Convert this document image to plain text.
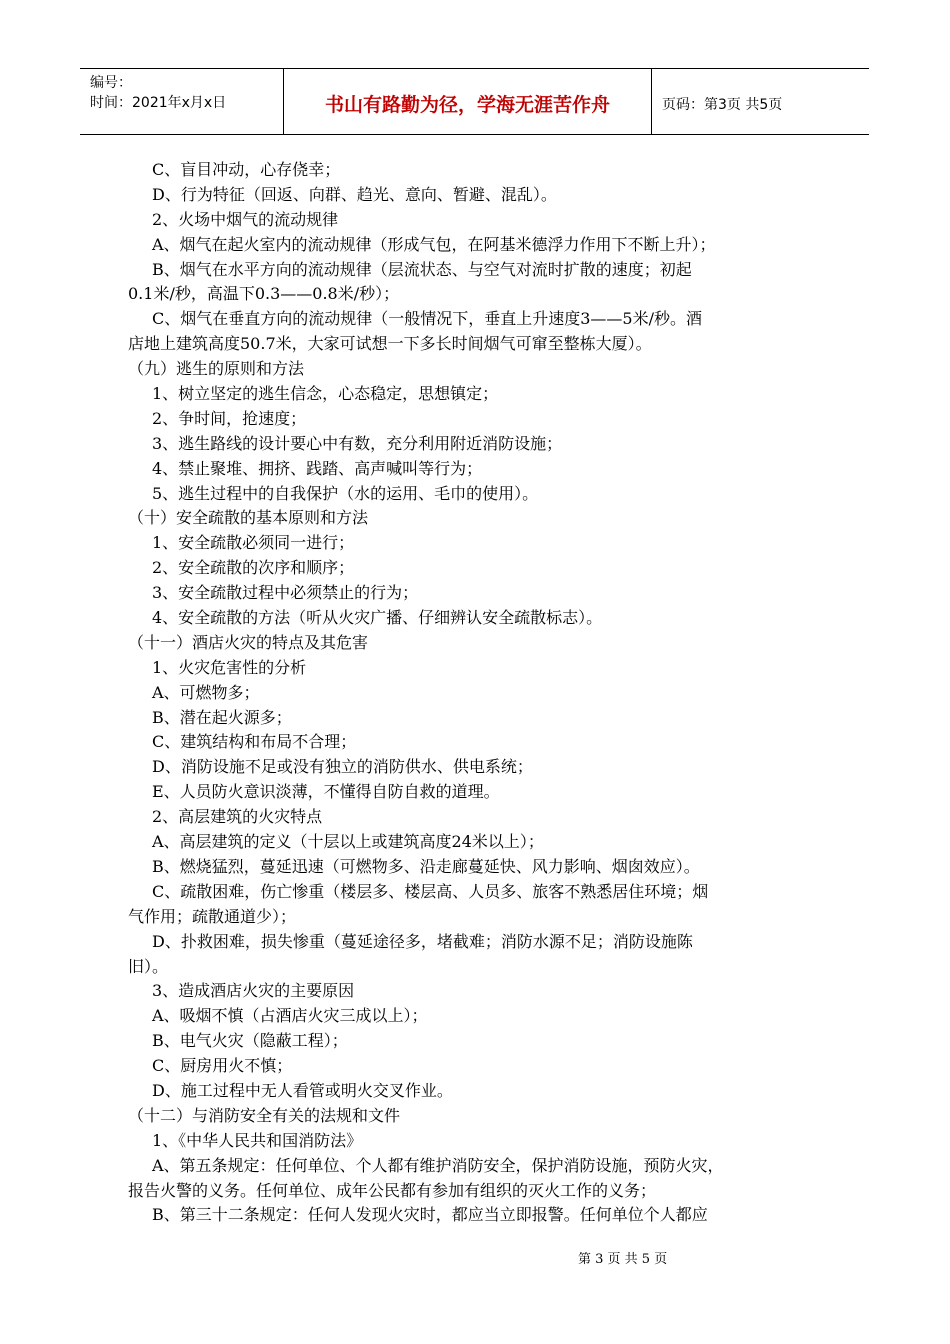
编号：
时间：2021年x月x日	书山有路勤为径，学海无涯苦作舟	页码：第3页 共5页
C、盲目冲动，心存侥幸；
D、行为特征（回返、向群、趋光、意向、暂避、混乱）。
2、火场中烟气的流动规律
A、烟气在起火室内的流动规律（形成气包，在阿基米德浮力作用下不断上升）；
B、烟气在水平方向的流动规律（层流状态、与空气对流时扩散的速度；初起
0.1米/秒，高温下0.3——0.8米/秒）；
C、烟气在垂直方向的流动规律（一般情况下，垂直上升速度3——5米/秒。酒
店地上建筑高度50.7米，大家可试想一下多长时间烟气可窜至整栋大厦）。
（九）逃生的原则和方法
1、树立坚定的逃生信念，心态稳定，思想镇定；
2、争时间，抢速度；
3、逃生路线的设计要心中有数，充分利用附近消防设施；
4、禁止聚堆、拥挤、践踏、高声喊叫等行为；
5、逃生过程中的自我保护（水的运用、毛巾的使用）。
（十）安全疏散的基本原则和方法
1、安全疏散必须同一进行；
2、安全疏散的次序和顺序；
3、安全疏散过程中必须禁止的行为；
4、安全疏散的方法（听从火灾广播、仔细辨认安全疏散标志）。
（十一）酒店火灾的特点及其危害
1、火灾危害性的分析
A、可燃物多；
B、潜在起火源多；
C、建筑结构和布局不合理；
D、消防设施不足或没有独立的消防供水、供电系统；
E、人员防火意识淡薄，不懂得自防自救的道理。
2、高层建筑的火灾特点
A、高层建筑的定义（十层以上或建筑高度24米以上）；
B、燃烧猛烈，蔓延迅速（可燃物多、沿走廊蔓延快、风力影响、烟囱效应）。
C、疏散困难，伤亡惨重（楼层多、楼层高、人员多、旅客不熟悉居住环境；烟
气作用；疏散通道少）；
D、扑救困难，损失惨重（蔓延途径多，堵截难；消防水源不足；消防设施陈
旧）。
3、造成酒店火灾的主要原因
A、吸烟不慎（占酒店火灾三成以上）；
B、电气火灾（隐蔽工程）；
C、厨房用火不慎；
D、施工过程中无人看管或明火交叉作业。
（十二）与消防安全有关的法规和文件
1、《中华人民共和国消防法》
A、第五条规定：任何单位、个人都有维护消防安全，保护消防设施，预防火灾，
报告火警的义务。任何单位、成年公民都有参加有组织的灭火工作的义务；
B、第三十二条规定：任何人发现火灾时，都应当立即报警。任何单位个人都应
第 3 页 共 5 页
